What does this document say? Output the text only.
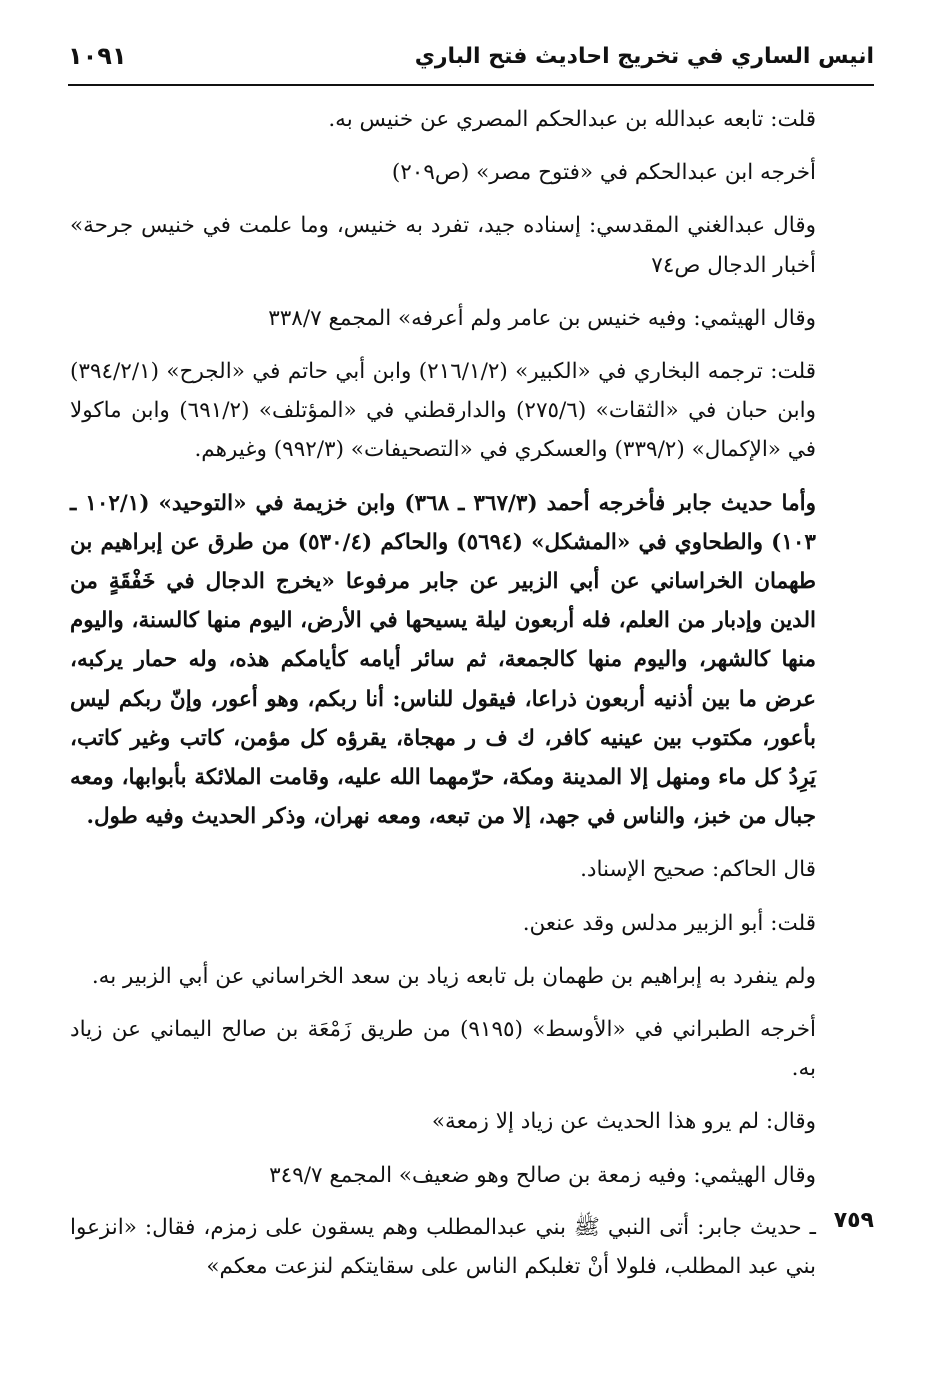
انيس الساري في تخريج احاديث فتح الباري
١٠٩١

قلت: تابعه عبدالله بن عبدالحكم المصري عن خنيس به.

أخرجه ابن عبدالحكم في «فتوح مصر» (ص٢٠٩)

وقال عبدالغني المقدسي: إسناده جيد، تفرد به خنيس، وما علمت في خنيس جرحة» أخبار الدجال ص٧٤

وقال الهيثمي: وفيه خنيس بن عامر ولم أعرفه» المجمع ٣٣٨/٧

قلت: ترجمه البخاري في «الكبير» (٢١٦/١/٢) وابن أبي حاتم في «الجرح» (٣٩٤/٢/١) وابن حبان في «الثقات» (٢٧٥/٦) والدارقطني في «المؤتلف» (٦٩١/٢) وابن ماكولا في «الإكمال» (٣٣٩/٢) والعسكري في «التصحيفات» (٩٩٢/٣) وغيرهم.

وأما حديث جابر فأخرجه أحمد (٣٦٧/٣ ـ ٣٦٨) وابن خزيمة في «التوحيد» (١٠٢/١ ـ ١٠٣) والطحاوي في «المشكل» (٥٦٩٤) والحاكم (٥٣٠/٤) من طرق عن إبراهيم بن طهمان الخراساني عن أبي الزبير عن جابر مرفوعا «يخرج الدجال في خَفْقَةٍ من الدين وإدبار من العلم، فله أربعون ليلة يسيحها في الأرض، اليوم منها كالسنة، واليوم منها كالشهر، واليوم منها كالجمعة، ثم سائر أيامه كأيامكم هذه، وله حمار يركبه، عرض ما بين أذنيه أربعون ذراعا، فيقول للناس: أنا ربكم، وهو أعور، وإنّ ربكم ليس بأعور، مكتوب بين عينيه كافر، ك ف ر مهجاة، يقرؤه كل مؤمن، كاتب وغير كاتب، يَرِدُ كل ماء ومنهل إلا المدينة ومكة، حرّمهما الله عليه، وقامت الملائكة بأبوابها، ومعه جبال من خبز، والناس في جهد، إلا من تبعه، ومعه نهران، وذكر الحديث وفيه طول.

قال الحاكم: صحيح الإسناد.

قلت: أبو الزبير مدلس وقد عنعن.

ولم ينفرد به إبراهيم بن طهمان بل تابعه زياد بن سعد الخراساني عن أبي الزبير به.

أخرجه الطبراني في «الأوسط» (٩١٩٥) من طريق زَمْعَة بن صالح اليماني عن زياد به.

وقال: لم يرو هذا الحديث عن زياد إلا زمعة»

وقال الهيثمي: وفيه زمعة بن صالح وهو ضعيف» المجمع ٣٤٩/٧

٧٥٩

ـ حديث جابر: أتى النبي ﷺ بني عبدالمطلب وهم يسقون على زمزم، فقال: «انزعوا بني عبد المطلب، فلولا أنْ تغلبكم الناس على سقايتكم لنزعت معكم»
